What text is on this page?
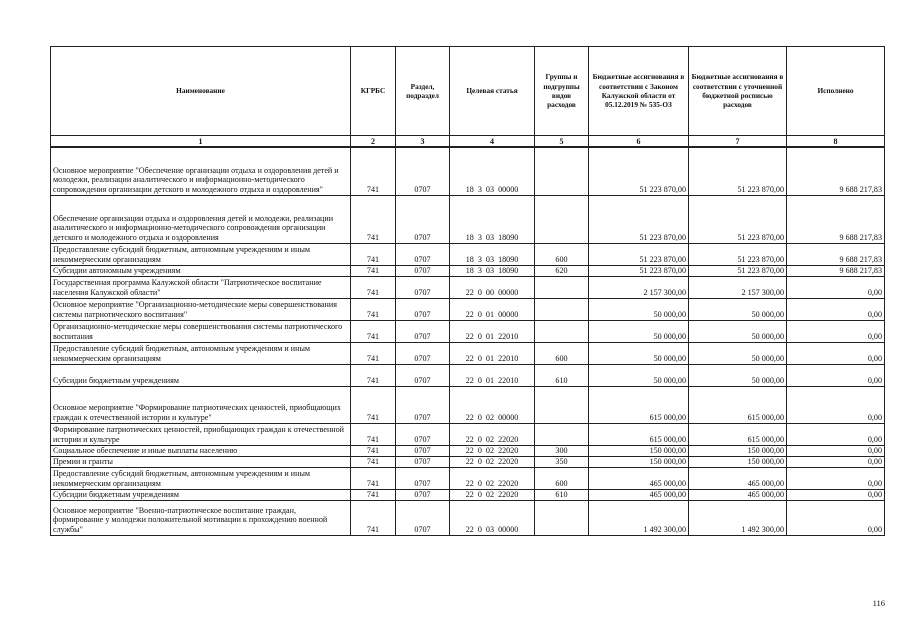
Наименование	КГРБС	Раздел, подраздел	Целевая статья	Группы и подгруппы видов расходов	Бюджетные ассигнования в соответствии с Законом Калужской области от 05.12.2019 № 535-ОЗ	Бюджетные ассигнования в соответствии с уточненной бюджетной росписью расходов	Исполнено
1	2	3	4	5	6	7	8
Основное мероприятие "Обеспечение организации отдыха и оздоровления детей и молодежи, реализации аналитического и информационно-методического сопровождения организации детского и молодежного отдыха и оздоровления"	741	0707	18  3  03  00000		51 223 870,00	51 223 870,00	9 688 217,83
Обеспечение организации отдыха и оздоровления детей и молодежи, реализации аналитического и информационно-методического сопровождения организации детского и молодежного отдыха и оздоровления	741	0707	18  3  03  18090		51 223 870,00	51 223 870,00	9 688 217,83
Предоставление субсидий бюджетным, автономным учреждениям и иным некоммерческим организациям	741	0707	18  3  03  18090	600	51 223 870,00	51 223 870,00	9 688 217,83
Субсидии автономным учреждениям	741	0707	18  3  03  18090	620	51 223 870,00	51 223 870,00	9 688 217,83
Государственная программа Калужской области "Патриотическое воспитание населения Калужской области"	741	0707	22  0  00  00000		2 157 300,00	2 157 300,00	0,00
Основное мероприятие "Организационно-методические меры совершенствования системы патриотического воспитания"	741	0707	22  0  01  00000		50 000,00	50 000,00	0,00
Организационно-методические меры совершенствования системы патриотического воспитания	741	0707	22  0  01  22010		50 000,00	50 000,00	0,00
Предоставление субсидий бюджетным, автономным учреждениям и иным некоммерческим организациям	741	0707	22  0  01  22010	600	50 000,00	50 000,00	0,00
Субсидии бюджетным учреждениям	741	0707	22  0  01  22010	610	50 000,00	50 000,00	0,00
Основное мероприятие "Формирование патриотических ценностей, приобщающих граждан к отечественной истории и культуре"	741	0707	22  0  02  00000		615 000,00	615 000,00	0,00
Формирование патриотических ценностей, приобщающих граждан к отечественной истории и культуре	741	0707	22  0  02  22020		615 000,00	615 000,00	0,00
Социальное обеспечение и иные выплаты населению	741	0707	22  0  02  22020	300	150 000,00	150 000,00	0,00
Премии и гранты	741	0707	22  0  02  22020	350	150 000,00	150 000,00	0,00
Предоставление субсидий бюджетным, автономным учреждениям и иным некоммерческим организациям	741	0707	22  0  02  22020	600	465 000,00	465 000,00	0,00
Субсидии бюджетным учреждениям	741	0707	22  0  02  22020	610	465 000,00	465 000,00	0,00
Основное мероприятие "Военно-патриотическое воспитание граждан, формирование у молодежи положительной мотивации к прохождению военной службы"	741	0707	22  0  03  00000		1 492 300,00	1 492 300,00	0,00
116
